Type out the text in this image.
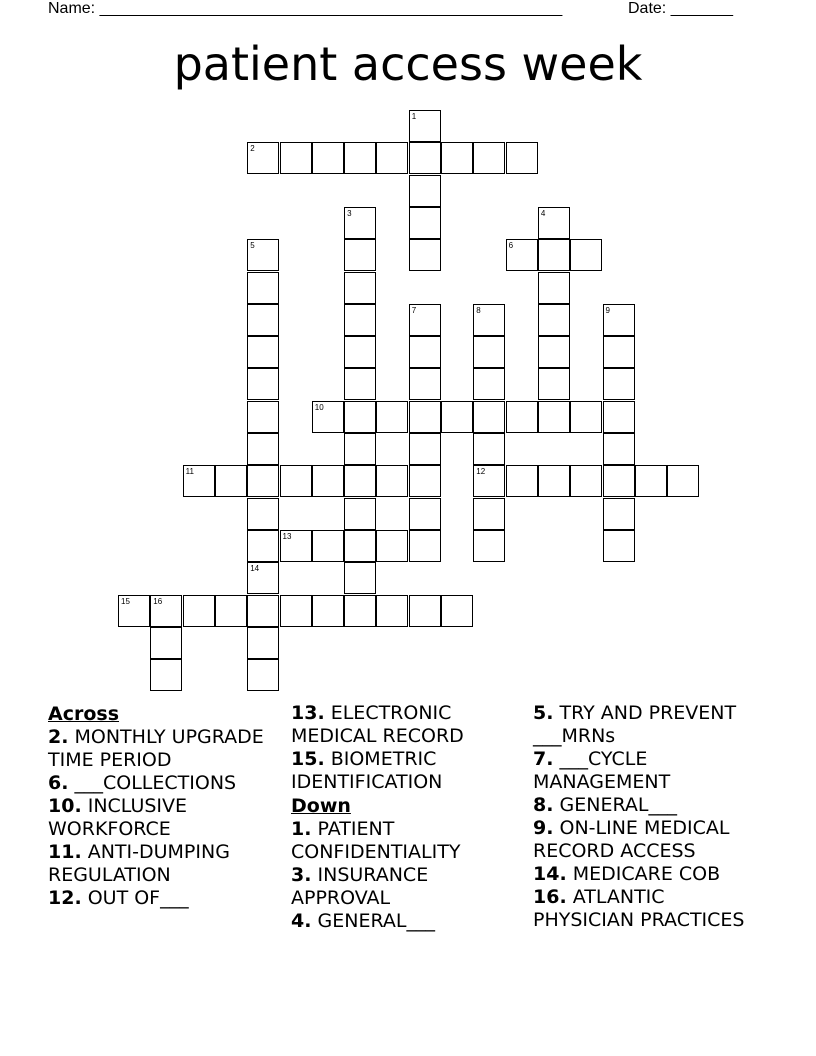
Name: ____________________________________________________	Date: _______
patient access week
1
2
3	4
5	6
7	8
12
9
10
11
13
14
15	16
Across
2. MONTHLY UPGRADE TIME PERIOD
6. ___COLLECTIONS
10. INCLUSIVE WORKFORCE
11. ANTI-DUMPING REGULATION
12. OUT OF___
13. ELECTRONIC MEDICAL RECORD
15. BIOMETRIC IDENTIFICATION
Down
1. PATIENT CONFIDENTIALITY
3. INSURANCE APPROVAL
4. GENERAL___
5. TRY AND PREVENT ___MRNs
7. ___CYCLE MANAGEMENT
8. GENERAL___
9. ON-LINE MEDICAL RECORD ACCESS
14. MEDICARE COB
16. ATLANTIC PHYSICIAN PRACTICES
